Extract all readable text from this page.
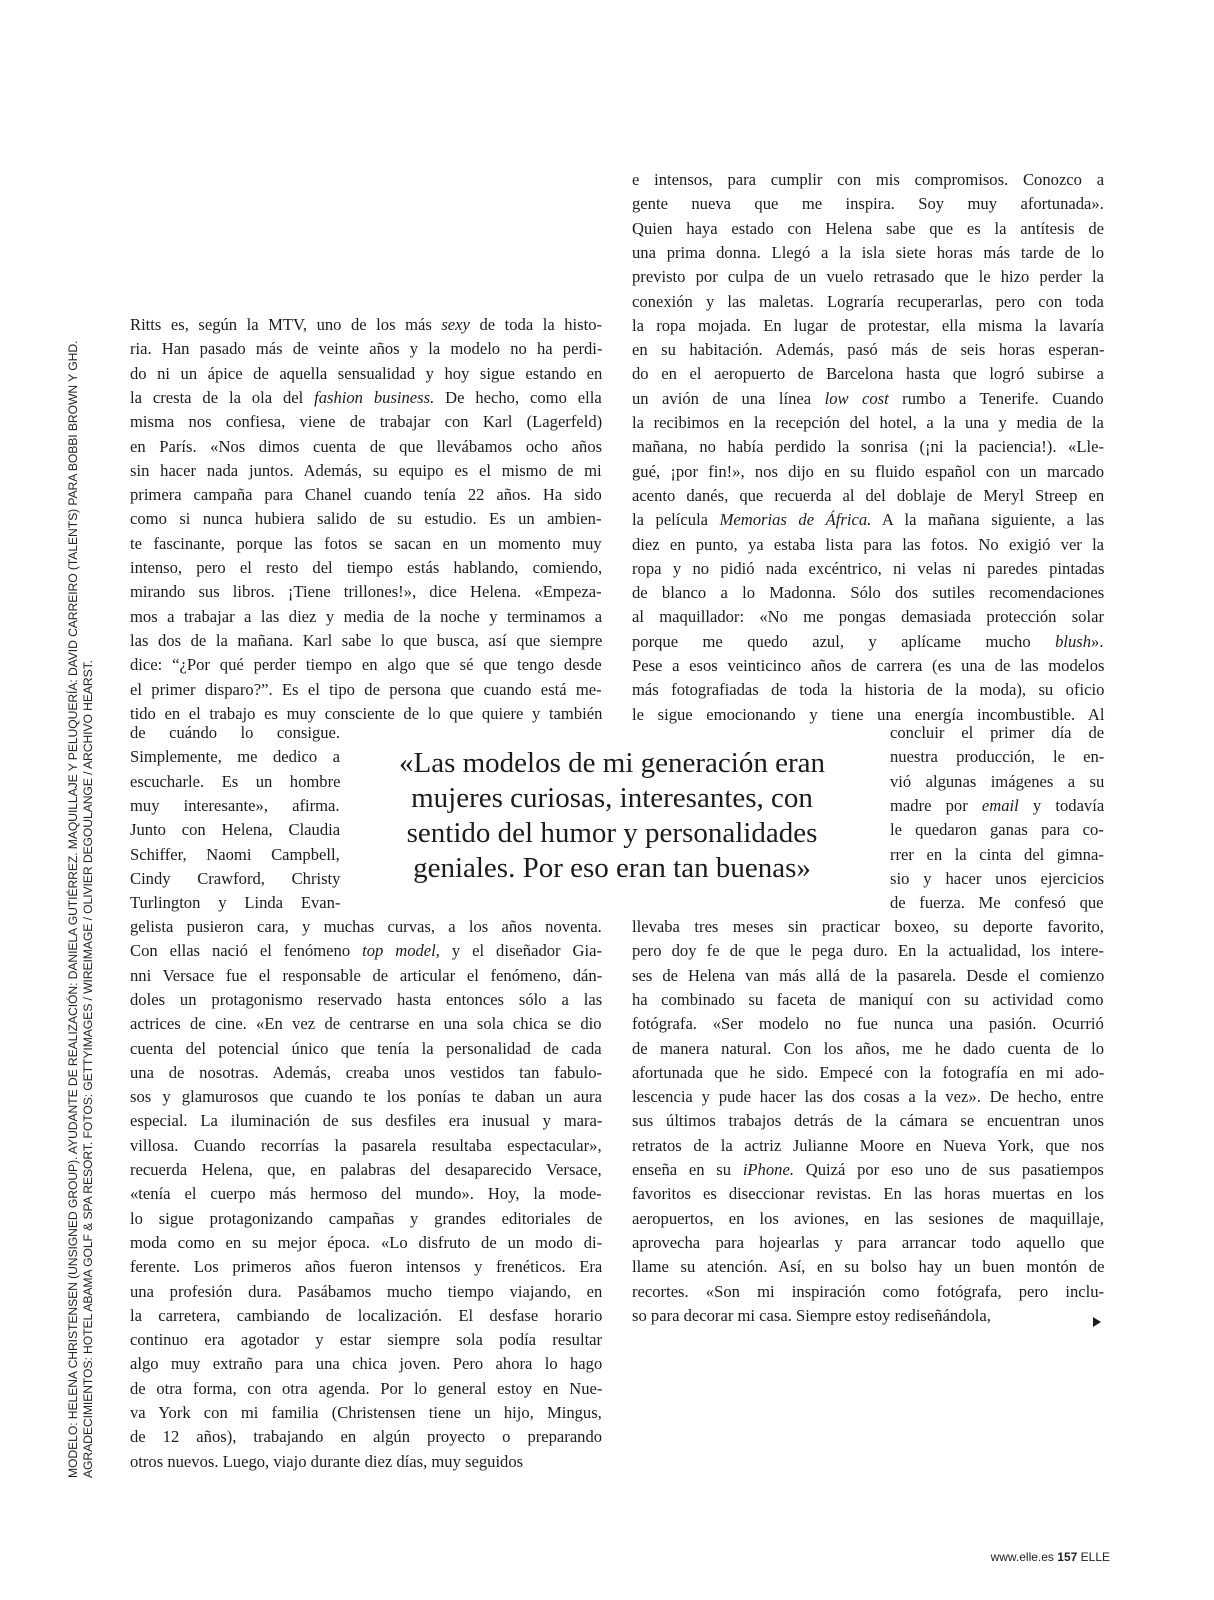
Ritts es, según la MTV, uno de los más sexy de toda la histo-
ria. Han pasado más de veinte años y la modelo no ha perdi-
do ni un ápice de aquella sensualidad y hoy sigue estando en
la cresta de la ola del fashion business. De hecho, como ella
misma nos confiesa, viene de trabajar con Karl (Lagerfeld)
en París. «Nos dimos cuenta de que llevábamos ocho años
sin hacer nada juntos. Además, su equipo es el mismo de mi
primera campaña para Chanel cuando tenía 22 años. Ha sido
como si nunca hubiera salido de su estudio. Es un ambien-
te fascinante, porque las fotos se sacan en un momento muy
intenso, pero el resto del tiempo estás hablando, comiendo,
mirando sus libros. ¡Tiene trillones!», dice Helena. «Empeza-
mos a trabajar a las diez y media de la noche y terminamos a
las dos de la mañana. Karl sabe lo que busca, así que siempre
dice: “¿Por qué perder tiempo en algo que sé que tengo desde
el primer disparo?”. Es el tipo de persona que cuando está me-
tido en el trabajo es muy consciente de lo que quiere y también
de cuándo lo consigue.
Simplemente, me dedico a
escucharle. Es un hombre
muy interesante», afirma.
Junto con Helena, Claudia
Schiffer, Naomi Campbell,
Cindy Crawford, Christy
Turlington y Linda Evan-
gelista pusieron cara, y muchas curvas, a los años noventa.
Con ellas nació el fenómeno top model, y el diseñador Gia-
nni Versace fue el responsable de articular el fenómeno, dán-
doles un protagonismo reservado hasta entonces sólo a las
actrices de cine. «En vez de centrarse en una sola chica se dio
cuenta del potencial único que tenía la personalidad de cada
una de nosotras. Además, creaba unos vestidos tan fabulo-
sos y glamurosos que cuando te los ponías te daban un aura
especial. La iluminación de sus desfiles era inusual y mara-
villosa. Cuando recorrías la pasarela resultaba espectacular»,
recuerda Helena, que, en palabras del desaparecido Versace,
«tenía el cuerpo más hermoso del mundo». Hoy, la mode-
lo sigue protagonizando campañas y grandes editoriales de
moda como en su mejor época. «Lo disfruto de un modo di-
ferente. Los primeros años fueron intensos y frenéticos. Era
una profesión dura. Pasábamos mucho tiempo viajando, en
la carretera, cambiando de localización. El desfase horario
continuo era agotador y estar siempre sola podía resultar
algo muy extraño para una chica joven. Pero ahora lo hago
de otra forma, con otra agenda. Por lo general estoy en Nue-
va York con mi familia (Christensen tiene un hijo, Mingus,
de 12 años), trabajando en algún proyecto o preparando
otros nuevos. Luego, viajo durante diez días, muy seguidos
e intensos, para cumplir con mis compromisos. Conozco a
gente nueva que me inspira. Soy muy afortunada».
Quien haya estado con Helena sabe que es la antítesis de
una prima donna. Llegó a la isla siete horas más tarde de lo
previsto por culpa de un vuelo retrasado que le hizo perder la
conexión y las maletas. Lograría recuperarlas, pero con toda
la ropa mojada. En lugar de protestar, ella misma la lavaría
en su habitación. Además, pasó más de seis horas esperan-
do en el aeropuerto de Barcelona hasta que logró subirse a
un avión de una línea low cost rumbo a Tenerife. Cuando
la recibimos en la recepción del hotel, a la una y media de la
mañana, no había perdido la sonrisa (¡ni la paciencia!). «Lle-
gué, ¡por fin!», nos dijo en su fluido español con un marcado
acento danés, que recuerda al del doblaje de Meryl Streep en
la película Memorias de África. A la mañana siguiente, a las
diez en punto, ya estaba lista para las fotos. No exigió ver la
ropa y no pidió nada excéntrico, ni velas ni paredes pintadas
de blanco a lo Madonna. Sólo dos sutiles recomendaciones
al maquillador: «No me pongas demasiada protección solar
porque me quedo azul, y aplícame mucho blush».
Pese a esos veinticinco años de carrera (es una de las modelos
más fotografiadas de toda la historia de la moda), su oficio
le sigue emocionando y tiene una energía incombustible. Al
concluir el primer día de
nuestra producción, le en-
vió algunas imágenes a su
madre por email y todavía
le quedaron ganas para co-
rrer en la cinta del gimna-
sio y hacer unos ejercicios
de fuerza. Me confesó que
llevaba tres meses sin practicar boxeo, su deporte favorito,
pero doy fe de que le pega duro. En la actualidad, los intere-
ses de Helena van más allá de la pasarela. Desde el comienzo
ha combinado su faceta de maniquí con su actividad como
fotógrafa. «Ser modelo no fue nunca una pasión. Ocurrió
de manera natural. Con los años, me he dado cuenta de lo
afortunada que he sido. Empecé con la fotografía en mi ado-
lescencia y pude hacer las dos cosas a la vez». De hecho, entre
sus últimos trabajos detrás de la cámara se encuentran unos
retratos de la actriz Julianne Moore en Nueva York, que nos
enseña en su iPhone. Quizá por eso uno de sus pasatiempos
favoritos es diseccionar revistas. En las horas muertas en los
aeropuertos, en los aviones, en las sesiones de maquillaje,
aprovecha para hojearlas y para arrancar todo aquello que
llame su atención. Así, en su bolso hay un buen montón de
recortes. «Son mi inspiración como fotógrafa, pero inclu-
so para decorar mi casa. Siempre estoy rediseñándola,
«Las modelos de mi generación eran
mujeres curiosas, interesantes, con
sentido del humor y personalidades
geniales. Por eso eran tan buenas»
MODELO: HELENA CHRISTENSEN (UNSIGNED GROUP). AYUDANTE DE REALIZACIÓN: DANIELA GUTIÉRREZ. MAQUILLAJE Y PELUQUERÍA: DAVID CARREIRO (TALENTS) PARA BOBBI BROWN Y GHD. AGRADECIMIENTOS: HOTEL ABAMA GOLF & SPA RESORT. FOTOS: GETTYIMAGES / WIREIMAGE / OLIVIER DEGOULANGE / ARCHIVO HEARST.
www.elle.es 157 ELLE
